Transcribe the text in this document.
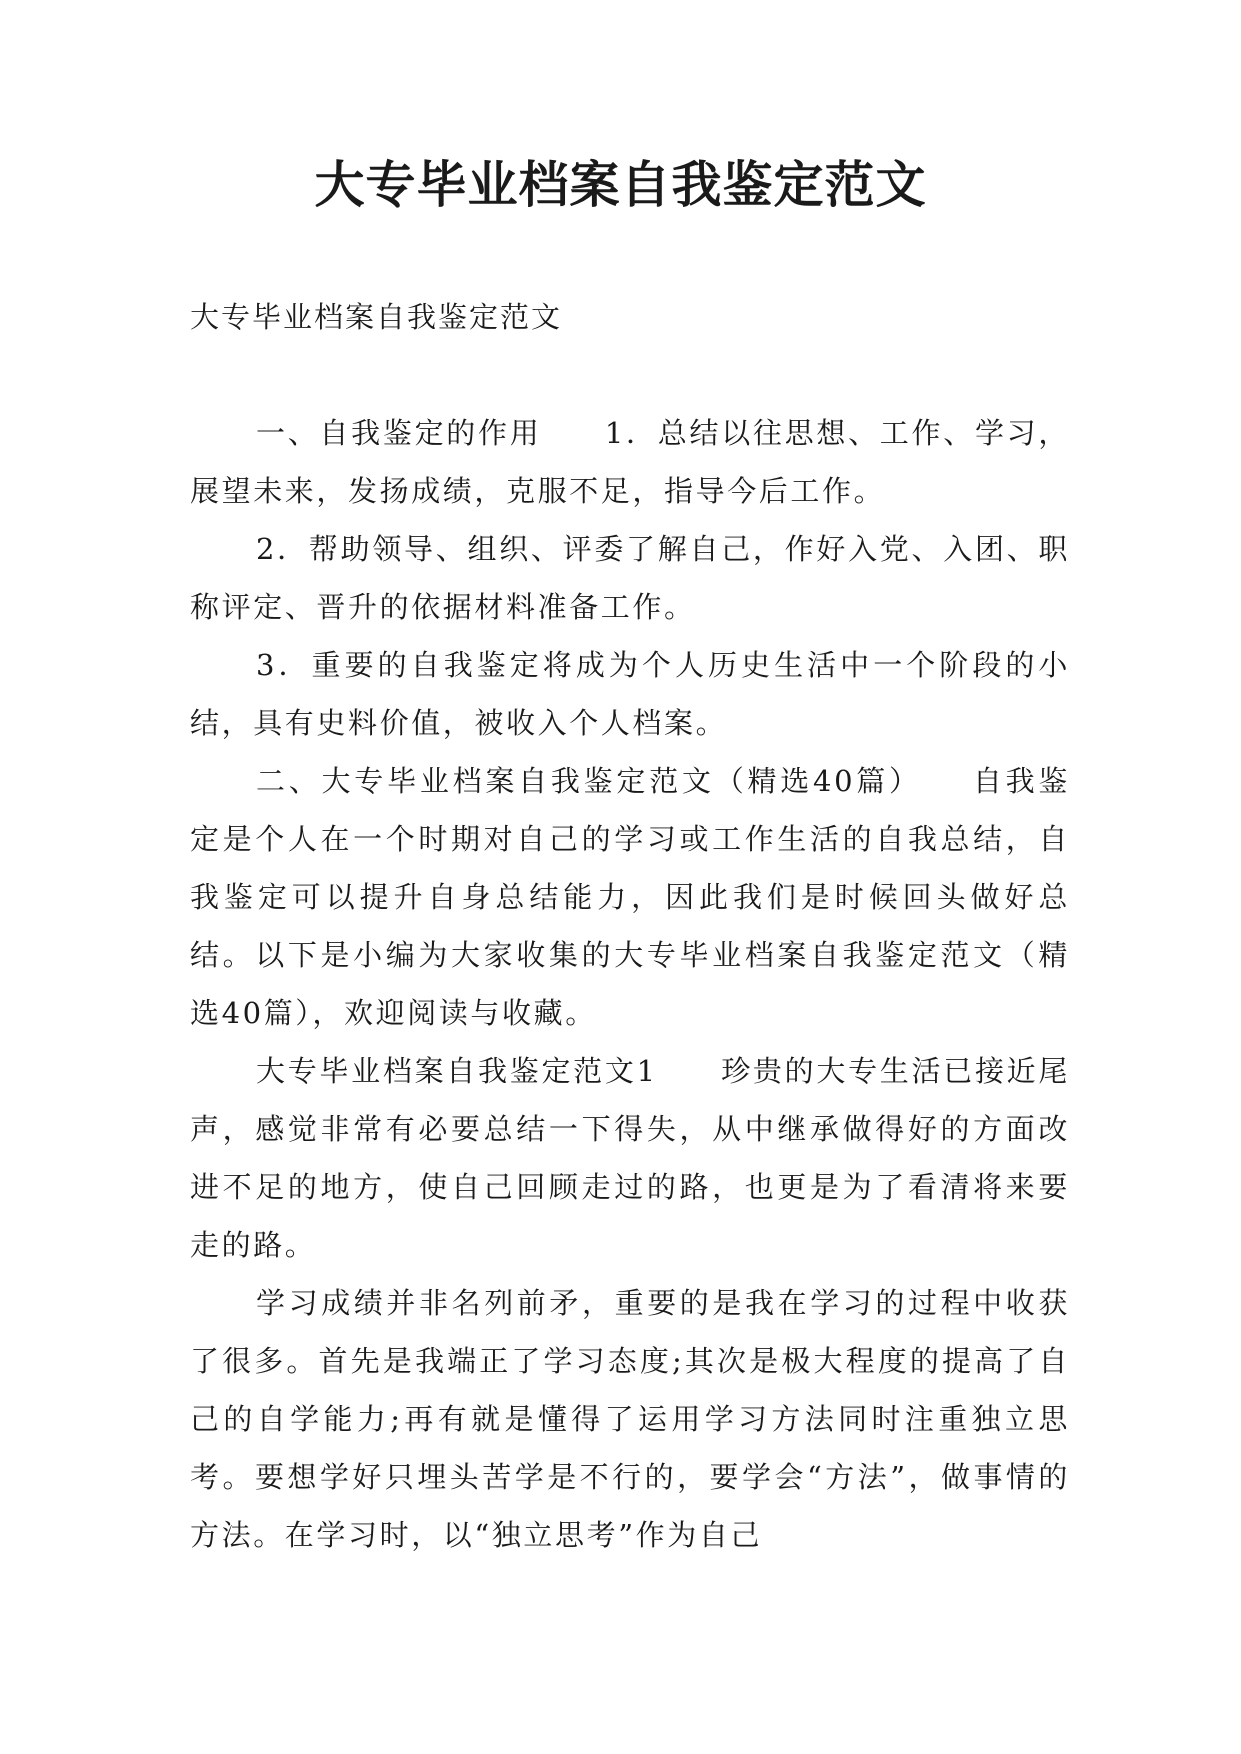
大专毕业档案自我鉴定范文

大专毕业档案自我鉴定范文

一、自我鉴定的作用　　1．总结以往思想、工作、学习，展望未来，发扬成绩，克服不足，指导今后工作。

2．帮助领导、组织、评委了解自己，作好入党、入团、职称评定、晋升的依据材料准备工作。

3．重要的自我鉴定将成为个人历史生活中一个阶段的小结，具有史料价值，被收入个人档案。

二、大专毕业档案自我鉴定范文（精选40篇）　　自我鉴定是个人在一个时期对自己的学习或工作生活的自我总结，自我鉴定可以提升自身总结能力，因此我们是时候回头做好总结。以下是小编为大家收集的大专毕业档案自我鉴定范文（精选40篇），欢迎阅读与收藏。

大专毕业档案自我鉴定范文1　　珍贵的大专生活已接近尾声，感觉非常有必要总结一下得失，从中继承做得好的方面改进不足的地方，使自己回顾走过的路，也更是为了看清将来要走的路。

学习成绩并非名列前矛，重要的是我在学习的过程中收获了很多。首先是我端正了学习态度;其次是极大程度的提高了自己的自学能力;再有就是懂得了运用学习方法同时注重独立思考。要想学好只埋头苦学是不行的，要学会“方法”，做事情的方法。在学习时，以“独立思考”作为自己
